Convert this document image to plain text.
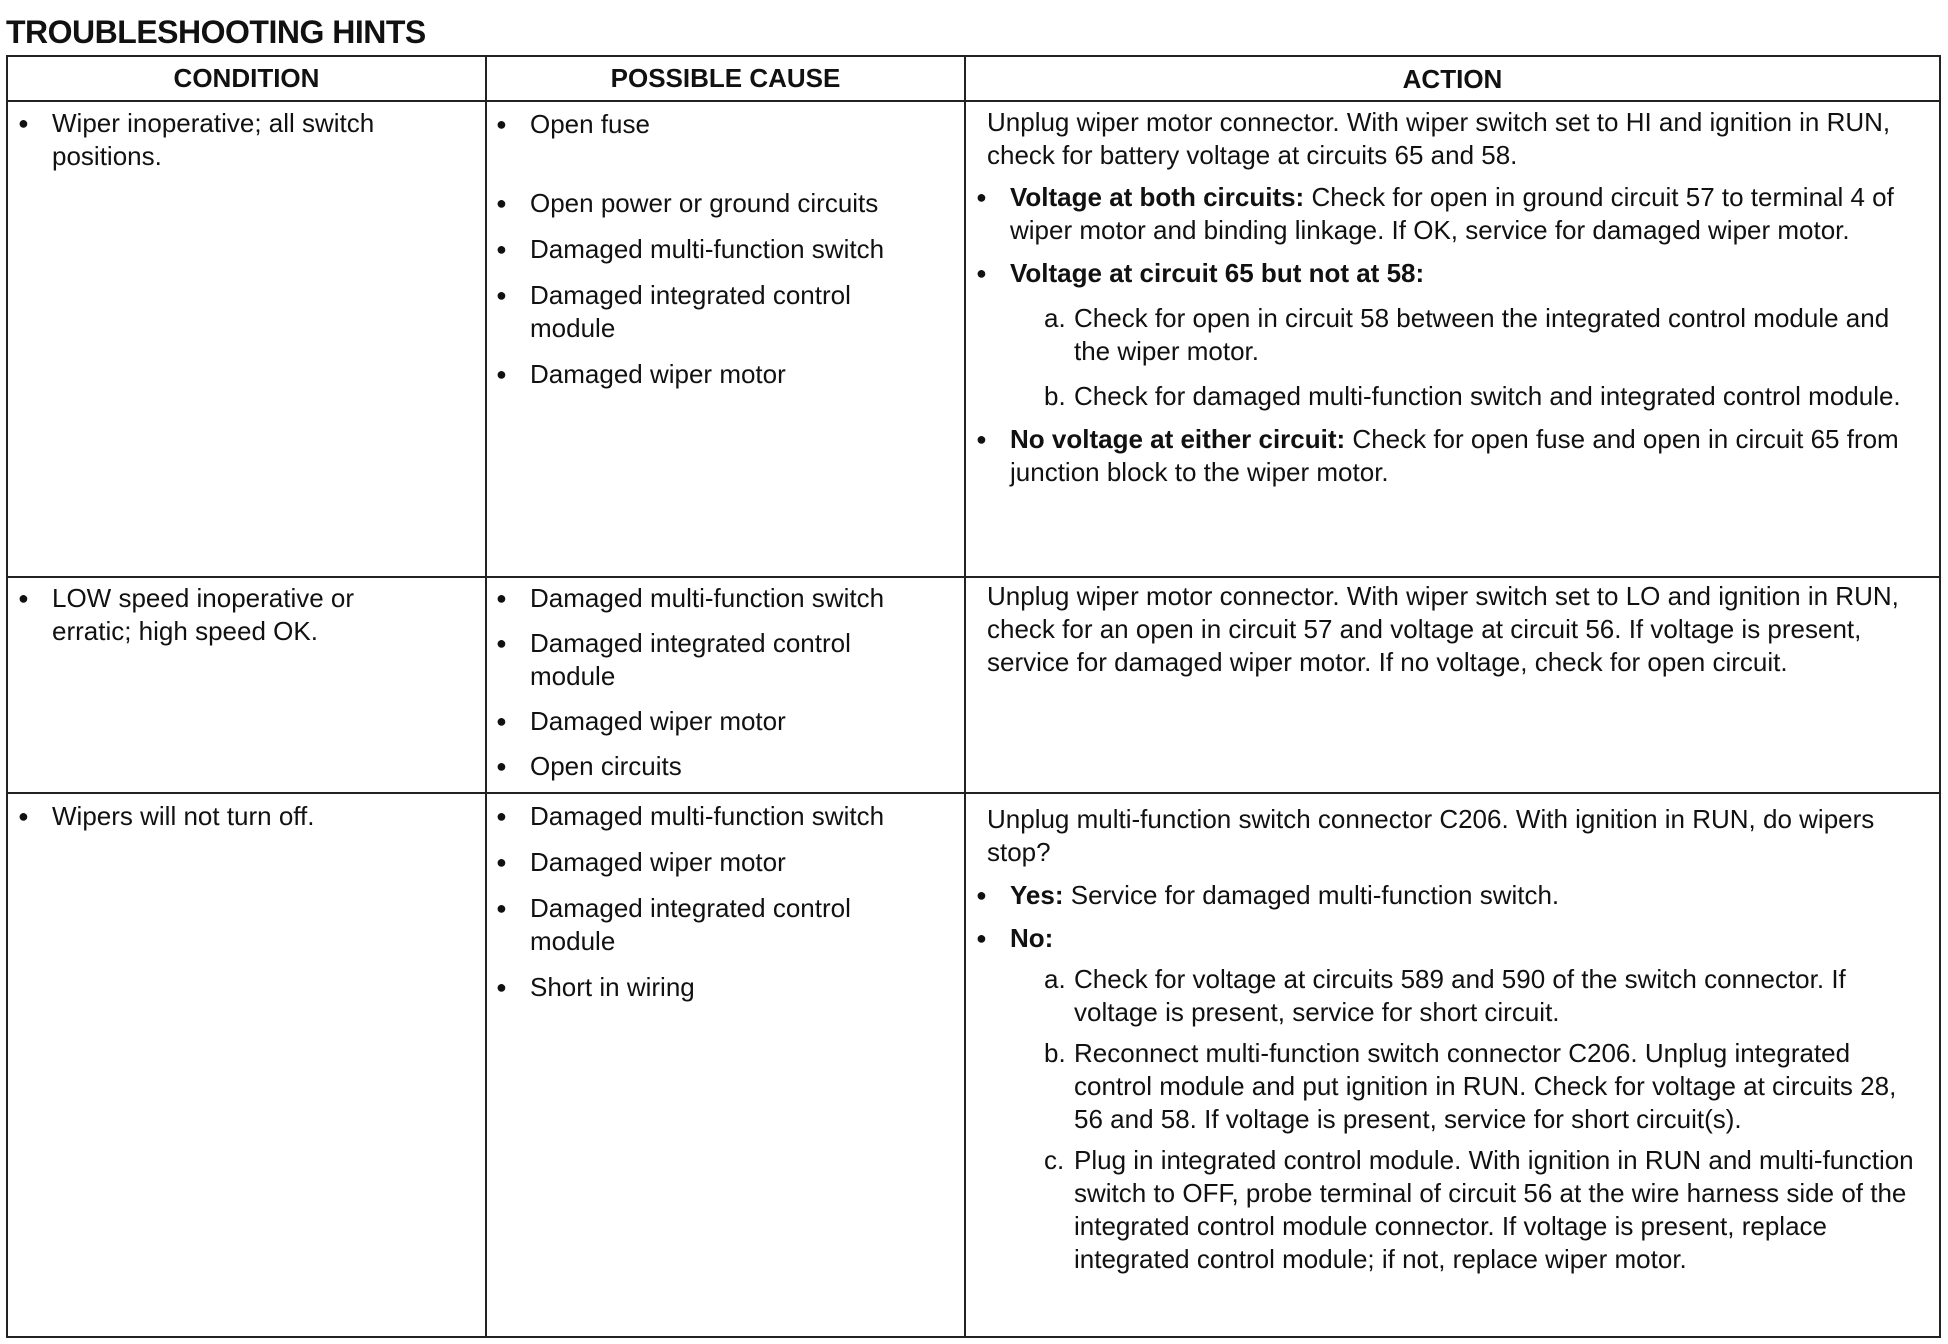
TROUBLESHOOTING HINTS
CONDITION	POSSIBLE CAUSE	ACTION
● Wiper inoperative; all switch positions.
● Open fuse
● Open power or ground circuits
● Damaged multi-function switch
● Damaged integrated control module
● Damaged wiper motor
Unplug wiper motor connector. With wiper switch set to HI and ignition in RUN, check for battery voltage at circuits 65 and 58.
● Voltage at both circuits: Check for open in ground circuit 57 to terminal 4 of wiper motor and binding linkage. If OK, service for damaged wiper motor.
● Voltage at circuit 65 but not at 58:
a. Check for open in circuit 58 between the integrated control module and the wiper motor.
b. Check for damaged multi-function switch and integrated control module.
● No voltage at either circuit: Check for open fuse and open in circuit 65 from junction block to the wiper motor.
● LOW speed inoperative or erratic; high speed OK.
● Damaged multi-function switch
● Damaged integrated control module
● Damaged wiper motor
● Open circuits
Unplug wiper motor connector. With wiper switch set to LO and ignition in RUN, check for an open in circuit 57 and voltage at circuit 56. If voltage is present, service for damaged wiper motor. If no voltage, check for open circuit.
● Wipers will not turn off.
●	Damaged multi-function switch
● Damaged wiper motor
● Damaged integrated control module
● Short in wiring
Unplug multi-function switch connector C206. With ignition in RUN, do wipers stop?
● Yes: Service for damaged multi-function switch.
● No:
a. Check for voltage at circuits 589 and 590 of the switch connector. If voltage is present, service for short circuit.
b. Reconnect multi-function switch connector C206. Unplug integrated control module and put ignition in RUN. Check for voltage at circuits 28, 56 and 58. If voltage is present, service for short circuit(s).
c. Plug in integrated control module. With ignition in RUN and multi-function switch to OFF, probe terminal of circuit 56 at the wire harness side of the integrated control module connector. If voltage is present, replace integrated control module; if not, replace wiper motor.
